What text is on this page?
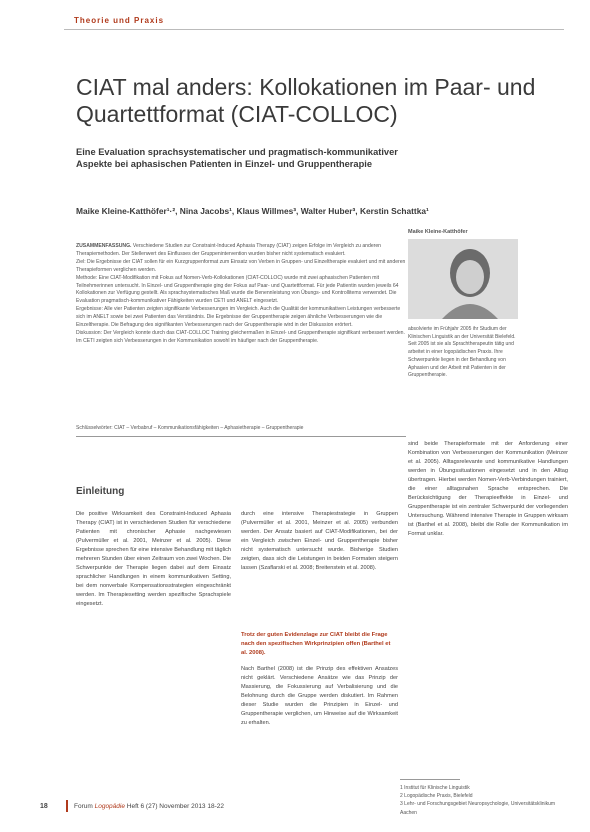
Theorie und Praxis
CIAT mal anders: Kollokationen im Paar- und Quartettformat (CIAT-COLLOC)
Eine Evaluation sprachsystematischer und pragmatisch-kommunikativer
Aspekte bei aphasischen Patienten in Einzel- und Gruppentherapie
Maike Kleine-Katthöfer¹·², Nina Jacobs¹, Klaus Willmes³, Walter Huber³, Kerstin Schattka¹

ZUSAMMENFASSUNG. Verschiedene Studien zur Constraint-Induced Aphasia Therapy (CIAT) zeigen Erfolge im Vergleich zu anderen Therapiemethoden. Der Stellenwert des Einflusses der Gruppenintervention wurden bisher nicht systematisch evaluiert.

Ziel: Die Ergebnisse der CIAT sollen für ein Kurzgruppenformat zum Einsatz von Verben in Gruppen- und Einzeltherapie evaluiert und mit anderen Therapieformen verglichen werden.

Methode: Eine CIAT-Modifikation mit Fokus auf Nomen-Verb-Kollokationen (CIAT-COLLOC) wurde mit zwei aphasischen Patienten mit Teilnehmerinnen untersucht. In Einzel- und Gruppentherapie ging der Fokus auf Paar- und Quartettformat. Für jede Patientin wurden jeweils 64 Kollokationen zur Verfügung gestellt. Als sprachsystematisches Maß wurde die Benennleistung von Übungs- und Kontrollitems verwendet. Die Evaluation pragmatisch-kommunikativer Fähigkeiten wurden CETI und ANELT eingesetzt.

Ergebnisse: Alle vier Patienten zeigten signifikante Verbesserungen im Vergleich. Auch die Qualität der kommunikativen Leistungen verbesserte sich im ANELT sowie bei zwei Patienten das Verständnis. Die Ergebnisse der Gruppentherapie zeigen ähnliche Verbesserungen wie die Einzeltherapie. Die Befragung des signifikanten Verbesserungen nach der Gruppentherapie wird in der Diskussion erörtert.

Diskussion: Der Vergleich konnte durch das CIAT-COLLOC Training gleichermaßen in Einzel- und Gruppentherapie signifikant verbessert werden. Im CETI zeigten sich Verbesserungen in der Kommunikation sowohl im häufiger nach der Gruppentherapie.

Schlüsselwörter: CIAT – Verbabruf – Kommunikationsfähigkeiten – Aphasietherapie – Gruppentherapie
Maike Kleine-Katthöfer
absolvierte im Frühjahr 2005 ihr Studium der Klinischen Linguistik an der Universität Bielefeld. Seit 2005 ist sie als Sprachtherapeutin tätig und arbeitet in einer logopädischen Praxis. Ihre Schwerpunkte liegen in der Behandlung von Aphasien und der Arbeit mit Patienten in der Gruppentherapie.
Einleitung

Die positive Wirksamkeit des Constraint-Induced Aphasia Therapy (CIAT) ist in verschiedenen Studien für verschiedene Patienten mit chronischer Aphasie nachgewiesen (Pulvermüller et al. 2001, Meinzer et al. 2005). Diese Ergebnisse sprechen für eine intensive Behandlung mit täglich mehreren Stunden über einen Zeitraum von zwei Wochen. Die Schwerpunkte der Therapie liegen dabei auf dem Einsatz sprachlicher Handlungen in einem kommunikativen Setting, bei dem nonverbale Kompensationsstrategien eingeschränkt werden. Im Therapiesetting werden spezifische Sprachspiele eingesetzt.

durch eine intensive Therapiestrategie in Gruppen (Pulvermüller et al. 2001, Meinzer et al. 2005) verbunden werden. Der Ansatz basiert auf CIAT-Modifikationen, bei der ein Vergleich zwischen Einzel- und Gruppentherapie bisher nicht systematisch untersucht wurde. Bisherige Studien zeigten, dass sich die Leistungen in beiden Formaten steigern lassen (Szaflarski et al. 2008; Breitenstein et al. 2008).

Trotz der guten Evidenzlage zur CIAT bleibt die Frage nach den spezifischen Wirkprinzipien offen (Barthel et al. 2008).

Nach Barthel (2008) ist die Prinzip des effektiven Ansatzes nicht geklärt. Verschiedene Ansätze wie das Prinzip der Massierung, die Fokussierung auf Verbalisierung und die Belohnung durch die Gruppe werden diskutiert. Im Rahmen dieser Studie wurden die Prinzipien in Einzel- und Gruppentherapie verglichen, um Hinweise auf die Wirksamkeit zu erhalten.

sind beide Therapieformate mit der Anforderung einer Kombination von Verbesserungen der Kommunikation (Meinzer et al. 2005). Alltagsrelevante und kommunikative Handlungen werden in Übungssituationen eingesetzt und in den Alltag übertragen. Hierbei werden Nomen-Verb-Verbindungen trainiert, die einer alltagsnahen Sprache entsprechen. Die Berücksichtigung der Therapieeffekte in Einzel- und Gruppentherapie ist ein zentraler Schwerpunkt der vorliegenden Untersuchung. Während intensive Therapie in Gruppen wirksam ist (Barthel et al. 2008), bleibt die Rolle der Kommunikation im Format unklar.

1 Institut für Klinische Linguistik
2 Logopädische Praxis, Bielefeld
3 Lehr- und Forschungsgebiet Neuropsychologie, Universitätsklinikum Aachen
18	Forum Logopädie Heft 6 (27) November 2013 18-22
